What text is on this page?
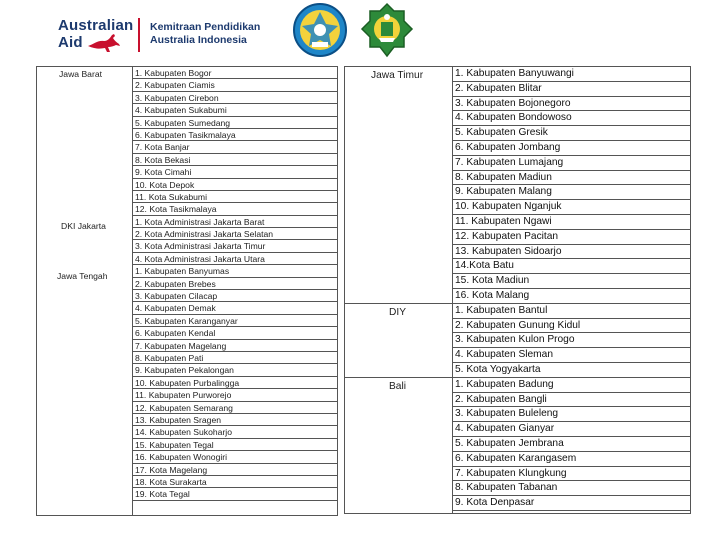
Australian
Aid
Kemitraan Pendidikan
Australia Indonesia
Jawa Barat
DKI Jakarta
Jawa Tengah
1. Kabupaten Bogor
2. Kabupaten Ciamis
3. Kabupaten Cirebon
4. Kabupaten Sukabumi
5. Kabupaten Sumedang
6. Kabupaten Tasikmalaya
7. Kota Banjar
8. Kota Bekasi
9. Kota Cimahi
10. Kota Depok
11. Kota Sukabumi
12. Kota Tasikmalaya
1. Kota Administrasi Jakarta Barat
2. Kota Administrasi Jakarta Selatan
3. Kota Administrasi Jakarta Timur
4. Kota Administrasi Jakarta Utara
1. Kabupaten Banyumas
2. Kabupaten Brebes
3. Kabupaten Cilacap
4. Kabupaten Demak
5. Kabupaten Karanganyar
6. Kabupaten Kendal
7. Kabupaten Magelang
8. Kabupaten Pati
9. Kabupaten Pekalongan
10. Kabupaten Purbalingga
11. Kabupaten Purworejo
12. Kabupaten Semarang
13. Kabupaten Sragen
14. Kabupaten Sukoharjo
15. Kabupaten Tegal
16. Kabupaten Wonogiri
17. Kota Magelang
18. Kota Surakarta
19. Kota Tegal
Jawa Timur
DIY
Bali
1. Kabupaten Banyuwangi
2. Kabupaten Blitar
3. Kabupaten Bojonegoro
4. Kabupaten Bondowoso
5. Kabupaten Gresik
6. Kabupaten Jombang
7. Kabupaten Lumajang
8. Kabupaten Madiun
9. Kabupaten Malang
10. Kabupaten Nganjuk
11. Kabupaten Ngawi
12. Kabupaten Pacitan
13. Kabupaten Sidoarjo
14.Kota Batu
15. Kota Madiun
16. Kota Malang
1. Kabupaten Bantul
2. Kabupaten Gunung Kidul
3. Kabupaten Kulon Progo
4. Kabupaten Sleman
5. Kota Yogyakarta
1. Kabupaten Badung
2. Kabupaten Bangli
3. Kabupaten Buleleng
4. Kabupaten Gianyar
5. Kabupaten Jembrana
6. Kabupaten Karangasem
7. Kabupaten Klungkung
8. Kabupaten Tabanan
9. Kota Denpasar
